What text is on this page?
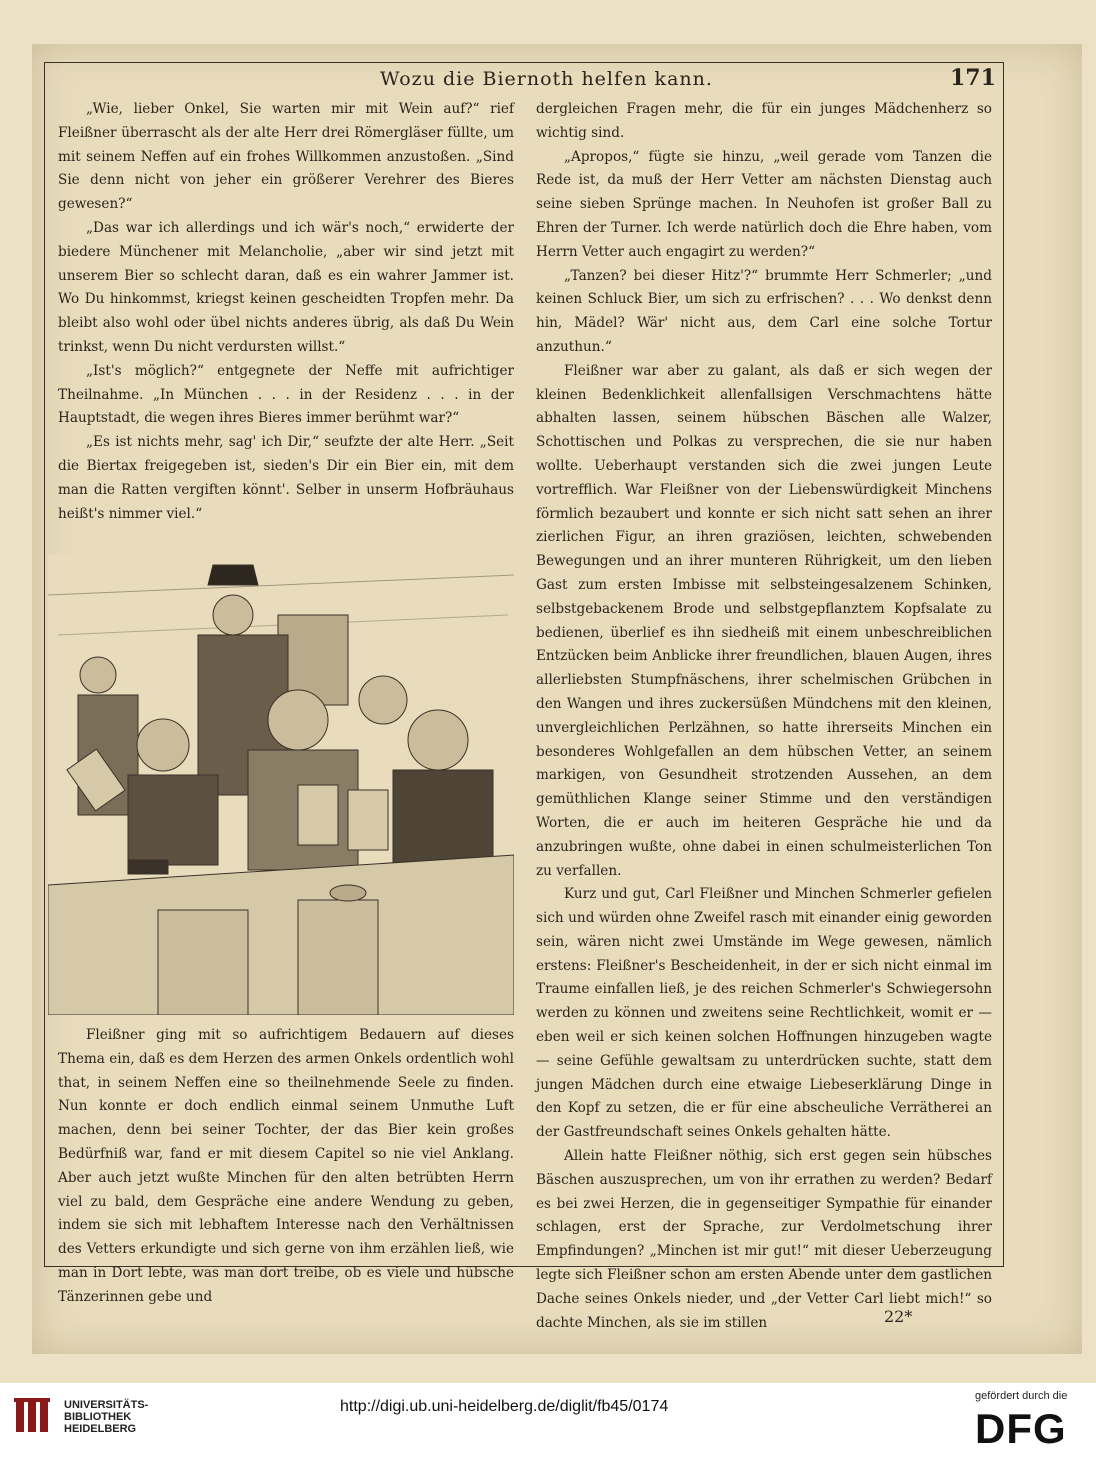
Wozu die Biernoth helfen kann.	171

„Wie, lieber Onkel, Sie warten mir mit Wein auf?“ rief Fleißner überrascht als der alte Herr drei Römergläser füllte, um mit seinem Neffen auf ein frohes Willkommen anzustoßen. „Sind Sie denn nicht von jeher ein größerer Verehrer des Bieres gewesen?“

„Das war ich allerdings und ich wär's noch,“ erwiderte der biedere Münchener mit Melancholie, „aber wir sind jetzt mit unserem Bier so schlecht daran, daß es ein wahrer Jammer ist. Wo Du hinkommst, kriegst keinen gescheidten Tropfen mehr. Da bleibt also wohl oder übel nichts anderes übrig, als daß Du Wein trinkst, wenn Du nicht verdursten willst.“

„Ist's möglich?“ entgegnete der Neffe mit aufrichtiger Theilnahme. „In München . . . in der Residenz . . . in der Hauptstadt, die wegen ihres Bieres immer berühmt war?“

„Es ist nichts mehr, sag' ich Dir,“ seufzte der alte Herr. „Seit die Biertax freigegeben ist, sieden's Dir ein Bier ein, mit dem man die Ratten vergiften könnt'. Selber in unserm Hofbräuhaus heißt's nimmer viel.“

Fleißner ging mit so aufrichtigem Bedauern auf dieses Thema ein, daß es dem Herzen des armen Onkels ordentlich wohl that, in seinem Neffen eine so theilnehmende Seele zu finden. Nun konnte er doch endlich einmal seinem Unmuthe Luft machen, denn bei seiner Tochter, der das Bier kein großes Bedürfniß war, fand er mit diesem Capitel so nie viel Anklang. Aber auch jetzt wußte Minchen für den alten betrübten Herrn viel zu bald, dem Gespräche eine andere Wendung zu geben, indem sie sich mit lebhaftem Interesse nach den Verhältnissen des Vetters erkundigte und sich gerne von ihm erzählen ließ, wie man in Dort lebte, was man dort treibe, ob es viele und hübsche Tänzerinnen gebe und

dergleichen Fragen mehr, die für ein junges Mädchenherz so wichtig sind.

„Apropos,“ fügte sie hinzu, „weil gerade vom Tanzen die Rede ist, da muß der Herr Vetter am nächsten Dienstag auch seine sieben Sprünge machen. In Neuhofen ist großer Ball zu Ehren der Turner. Ich werde natürlich doch die Ehre haben, vom Herrn Vetter auch engagirt zu werden?“

„Tanzen? bei dieser Hitz'?“ brummte Herr Schmerler; „und keinen Schluck Bier, um sich zu erfrischen? . . . Wo denkst denn hin, Mädel? Wär' nicht aus, dem Carl eine solche Tortur anzuthun.“

Fleißner war aber zu galant, als daß er sich wegen der kleinen Bedenklichkeit allenfallsigen Verschmachtens hätte abhalten lassen, seinem hübschen Bäschen alle Walzer, Schottischen und Polkas zu versprechen, die sie nur haben wollte. Ueberhaupt verstanden sich die zwei jungen Leute vortrefflich. War Fleißner von der Liebenswürdigkeit Minchens förmlich bezaubert und konnte er sich nicht satt sehen an ihrer zierlichen Figur, an ihren graziösen, leichten, schwebenden Bewegungen und an ihrer munteren Rührigkeit, um den lieben Gast zum ersten Imbisse mit selbsteingesalzenem Schinken, selbstgebackenem Brode und selbstgepflanztem Kopfsalate zu bedienen, überlief es ihn siedheiß mit einem unbeschreiblichen Entzücken beim Anblicke ihrer freundlichen, blauen Augen, ihres allerliebsten Stumpfnäschens, ihrer schelmischen Grübchen in den Wangen und ihres zuckersüßen Mündchens mit den kleinen, unvergleichlichen Perlzähnen, so hatte ihrerseits Minchen ein besonderes Wohlgefallen an dem hübschen Vetter, an seinem markigen, von Gesundheit strotzenden Aussehen, an dem gemüthlichen Klange seiner Stimme und den verständigen Worten, die er auch im heiteren Gespräche hie und da anzubringen wußte, ohne dabei in einen schulmeisterlichen Ton zu verfallen.

Kurz und gut, Carl Fleißner und Minchen Schmerler gefielen sich und würden ohne Zweifel rasch mit einander einig geworden sein, wären nicht zwei Umstände im Wege gewesen, nämlich erstens: Fleißner's Bescheidenheit, in der er sich nicht einmal im Traume einfallen ließ, je des reichen Schmerler's Schwiegersohn werden zu können und zweitens seine Rechtlichkeit, womit er — eben weil er sich keinen solchen Hoffnungen hinzugeben wagte — seine Gefühle gewaltsam zu unterdrücken suchte, statt dem jungen Mädchen durch eine etwaige Liebeserklärung Dinge in den Kopf zu setzen, die er für eine abscheuliche Verrätherei an der Gastfreundschaft seines Onkels gehalten hätte.

Allein hatte Fleißner nöthig, sich erst gegen sein hübsches Bäschen auszusprechen, um von ihr errathen zu werden? Bedarf es bei zwei Herzen, die in gegenseitiger Sympathie für einander schlagen, erst der Sprache, zur Verdolmetschung ihrer Empfindungen? „Minchen ist mir gut!“ mit dieser Ueberzeugung legte sich Fleißner schon am ersten Abende unter dem gastlichen Dache seines Onkels nieder, und „der Vetter Carl liebt mich!“ so dachte Minchen, als sie im stillen	22*
UNIVERSITÄTS-
BIBLIOTHEK
HEIDELBERG
http://digi.ub.uni-heidelberg.de/diglit/fb45/0174
gefördert durch die
DFG
